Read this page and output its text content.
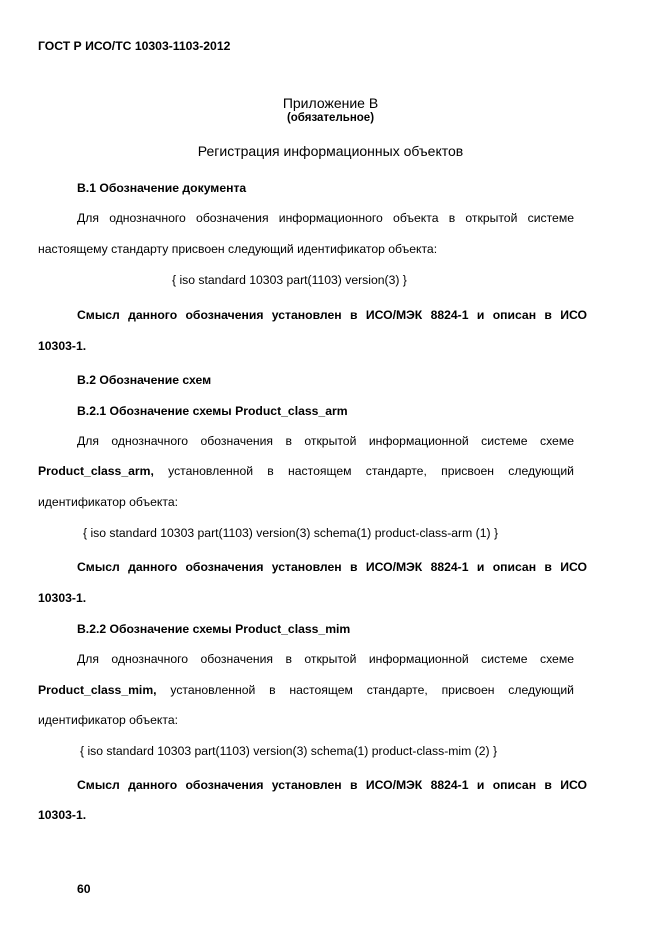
ГОСТ Р ИСО/ТС 10303-1103-2012

Приложение В

(обязательное)

Регистрация информационных объектов

В.1 Обозначение документа

Для однозначного обозначения информационного объекта в открытой системе

настоящему стандарту присвоен следующий идентификатор объекта:

{ iso standard 10303 part(1103) version(3) }

Смысл данного обозначения установлен в ИСО/МЭК 8824-1 и описан в ИСО

10303-1.

В.2 Обозначение схем

В.2.1 Обозначение схемы Product_class_arm

Для однозначного обозначения в открытой информационной системе схеме

Product_class_arm, установленной в настоящем стандарте, присвоен следующий

идентификатор объекта:

{ iso standard 10303 part(1103) version(3) schema(1) product-class-arm (1) }

Смысл данного обозначения установлен в ИСО/МЭК 8824-1 и описан в ИСО

10303-1.

В.2.2 Обозначение схемы Product_class_mim

Для однозначного обозначения в открытой информационной системе схеме

Product_class_mim, установленной в настоящем стандарте, присвоен следующий

идентификатор объекта:

{ iso standard 10303 part(1103) version(3) schema(1) product-class-mim (2) }

Смысл данного обозначения установлен в ИСО/МЭК 8824-1 и описан в ИСО

10303-1.

60
